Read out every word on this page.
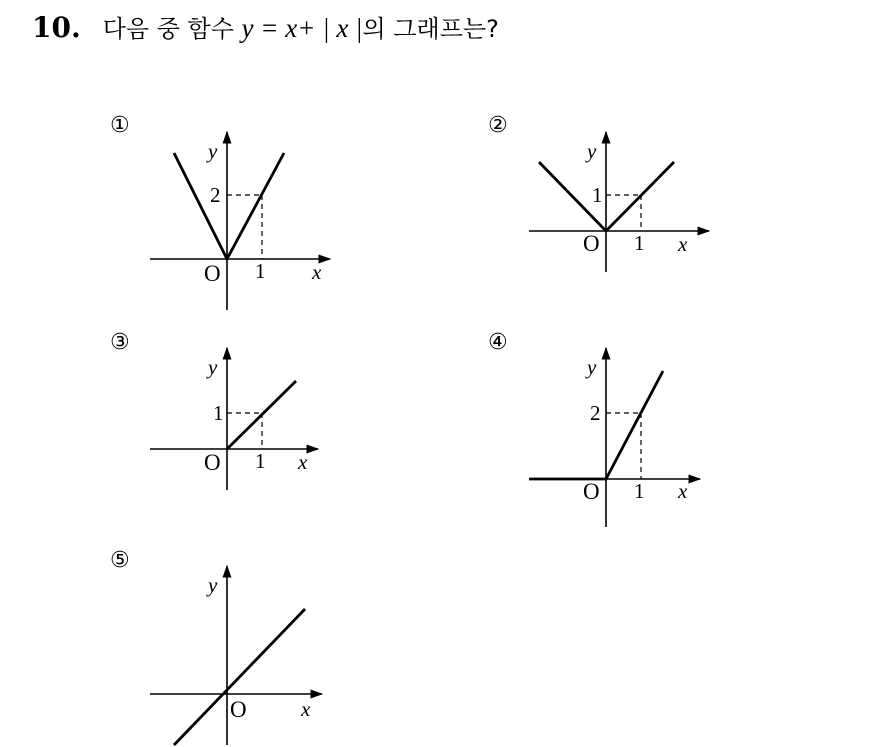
10. 다음 중 함수 y = x+ | x |의 그래프는?
①
y
2
O 1 x
②
y
1
O 1 x
③
y
1
O 1 x
④
y
2
O 1 x
⑤
y
O	x
